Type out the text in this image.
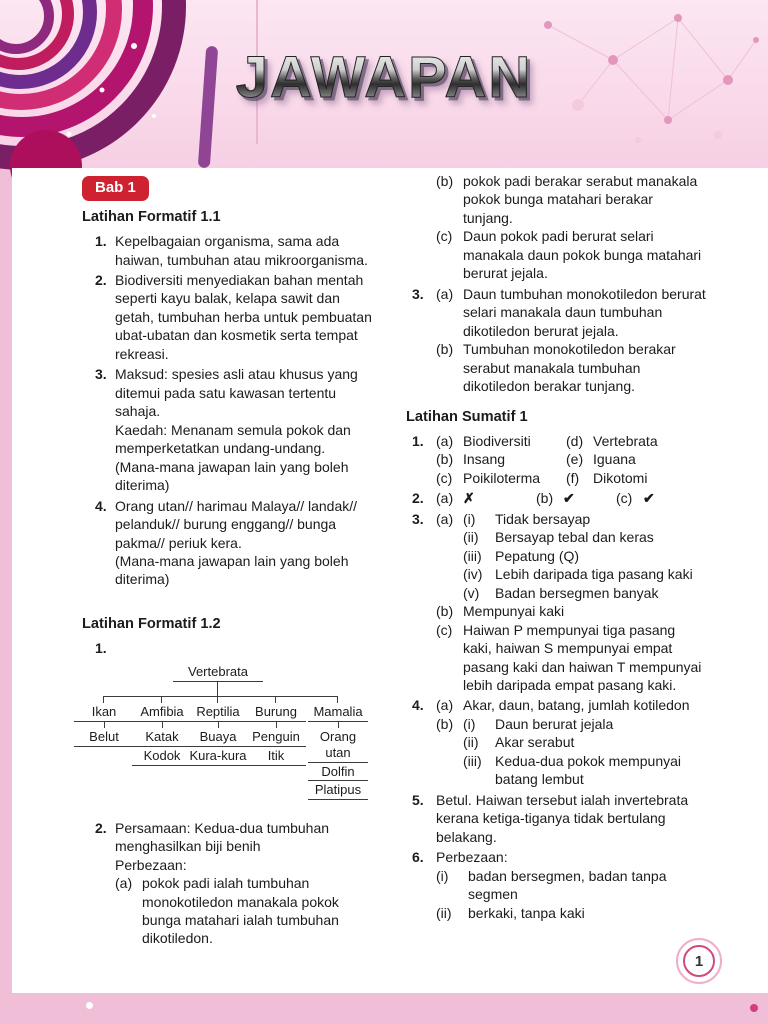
JAWAPAN
Bab 1
Latihan Formatif 1.1
1. Kepelbagaian organisma, sama ada haiwan, tumbuhan atau mikroorganisma.
2. Biodiversiti menyediakan bahan mentah seperti kayu balak, kelapa sawit dan getah, tumbuhan herba untuk pembuatan ubat-ubatan dan kosmetik serta tempat rekreasi.
3. Maksud: spesies asli atau khusus yang ditemui pada satu kawasan tertentu sahaja.
Kaedah: Menanam semula pokok dan memperketatkan undang-undang.
(Mana-mana jawapan lain yang boleh diterima)
4. Orang utan// harimau Malaya// landak// pelanduk// burung enggang// bunga pakma// periuk kera.
(Mana-mana jawapan lain yang boleh diterima)
Latihan Formatif 1.2
1.
Vertebrata
Ikan
Belut
Amfibia
Katak
Kodok
Reptilia
Buaya
Kura-kura
Burung
Penguin
Itik
Mamalia
Orang utan
Dolfin
Platipus
2. Persamaan: Kedua-dua tumbuhan menghasilkan biji benih
Perbezaan:
(a) pokok padi ialah tumbuhan monokotiledon manakala pokok bunga matahari ialah tumbuhan dikotiledon.
(b) pokok padi berakar serabut manakala pokok bunga matahari berakar tunjang.
(c) Daun pokok padi berurat selari manakala daun pokok bunga matahari berurat jejala.
3. (a) Daun tumbuhan monokotiledon berurat selari manakala daun tumbuhan dikotiledon berurat jejala.
(b) Tumbuhan monokotiledon berakar serabut manakala tumbuhan dikotiledon berakar tunjang.
Latihan Sumatif 1
1. (a) Biodiversiti	(d) Vertebrata
(b) Insang	(e) Iguana
(c) Poikiloterma (f) Dikotomi
2. (a) ✗	(b) ✔	(c) ✔
3. (a) (i)	Tidak bersayap
(ii)	Bersayap tebal dan keras
(iii) Pepatung (Q)
(iv) Lebih daripada tiga pasang kaki
(v)	Badan bersegmen banyak
(b) Mempunyai kaki
(c) Haiwan P mempunyai tiga pasang kaki, haiwan S mempunyai empat pasang kaki dan haiwan T mempunyai lebih daripada empat pasang kaki.
4. (a) Akar, daun, batang, jumlah kotiledon
(b) (i)	Daun berurat jejala
(ii)	Akar serabut
(iii) Kedua-dua pokok mempunyai batang lembut
5. Betul. Haiwan tersebut ialah invertebrata kerana ketiga-tiganya tidak bertulang belakang.
6. Perbezaan:
(i)	badan bersegmen, badan tanpa segmen
(ii)	berkaki, tanpa kaki
1
